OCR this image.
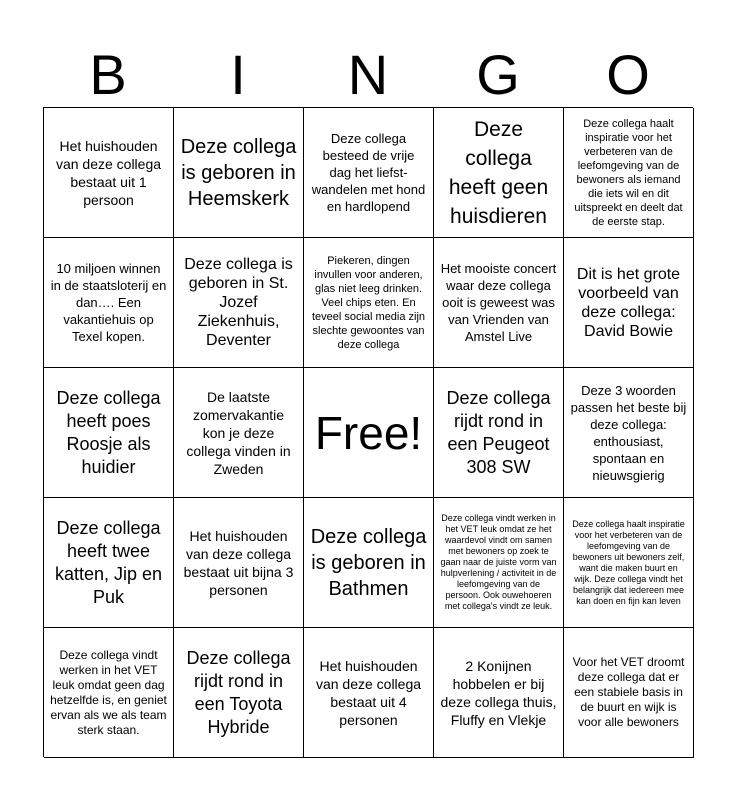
B	I	N	G	O
Het huishouden van deze collega bestaat uit 1 persoon
Deze collega is geboren in Heemskerk
Deze collega besteed de vrije dag het liefst- wandelen met hond en hardlopend
Deze collega heeft geen huisdieren
Deze collega haalt inspiratie voor het verbeteren van de leefomgeving van de bewoners als iemand die iets wil en dit uitspreekt en deelt dat de eerste stap.
10 miljoen winnen in de staatsloterij en dan…. Een vakantiehuis op Texel kopen.
Deze collega is geboren in St. Jozef Ziekenhuis, Deventer
Piekeren, dingen invullen voor anderen, glas niet leeg drinken. Veel chips eten. En teveel social media zijn slechte gewoontes van deze collega
Het mooiste concert waar deze collega ooit is geweest was van Vrienden van Amstel Live
Dit is het grote voorbeeld van deze collega: David Bowie
Deze collega heeft poes Roosje als huidier
De laatste zomervakantie kon je deze collega vinden in Zweden
Free!
Deze collega rijdt rond in een Peugeot 308 SW
Deze 3 woorden passen het beste bij deze collega: enthousiast, spontaan en nieuwsgierig
Deze collega heeft twee katten, Jip en Puk
Het huishouden van deze collega bestaat uit bijna 3 personen
Deze collega is geboren in Bathmen
Deze collega vindt werken in het VET leuk omdat ze het waardevol vindt om samen met bewoners op zoek te gaan naar de juiste vorm van hulpverlening / activiteit in de leefomgeving van de persoon. Ook ouwehoeren met collega's vindt ze leuk.
Deze collega haalt inspiratie voor het verbeteren van de leefomgeving van de bewoners uit bewoners zelf, want die maken buurt en wijk. Deze collega vindt het belangrijk dat iedereen mee kan doen en fijn kan leven
Deze collega vindt werken in het VET leuk omdat geen dag hetzelfde is, en geniet ervan als we als team sterk staan.
Deze collega rijdt rond in een Toyota Hybride
Het huishouden van deze collega bestaat uit 4 personen
2 Konijnen hobbelen er bij deze collega thuis, Fluffy en Vlekje
Voor het VET droomt deze collega dat er een stabiele basis in de buurt en wijk is voor alle bewoners
